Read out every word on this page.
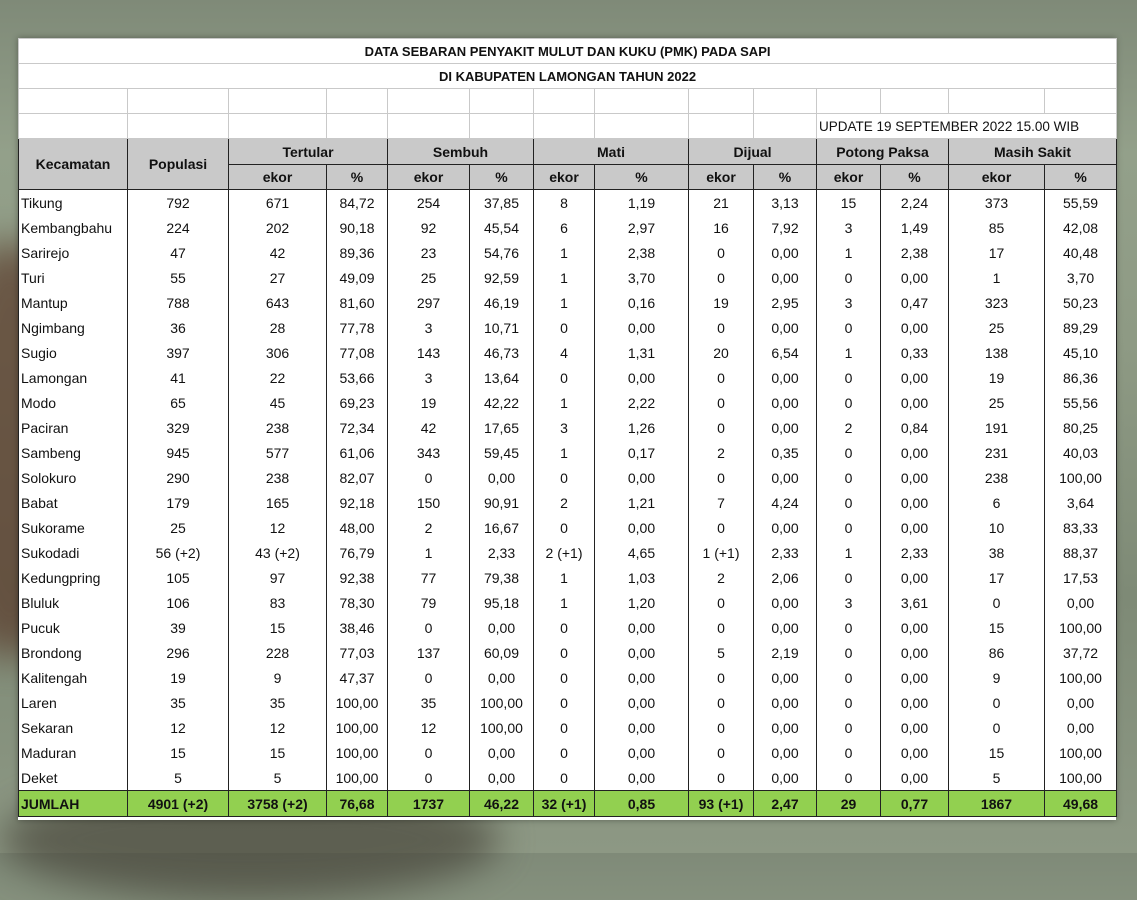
DATA SEBARAN PENYAKIT MULUT DAN KUKU (PMK) PADA SAPI													
DI KABUPATEN LAMONGAN TAHUN 2022													

										UPDATE 19 SEPTEMBER 2022 15.00 WIB			
Kecamatan	Populasi	Tertular		Sembuh		Mati		Dijual		Potong Paksa		Masih Sakit	
		ekor	%	ekor	%	ekor	%	ekor	%	ekor	%	ekor	%
Tikung	792	671	84,72	254	37,85	8	1,19	21	3,13	15	2,24	373	55,59
Kembangbahu	224	202	90,18	92	45,54	6	2,97	16	7,92	3	1,49	85	42,08
Sarirejo	47	42	89,36	23	54,76	1	2,38	0	0,00	1	2,38	17	40,48
Turi	55	27	49,09	25	92,59	1	3,70	0	0,00	0	0,00	1	3,70
Mantup	788	643	81,60	297	46,19	1	0,16	19	2,95	3	0,47	323	50,23
Ngimbang	36	28	77,78	3	10,71	0	0,00	0	0,00	0	0,00	25	89,29
Sugio	397	306	77,08	143	46,73	4	1,31	20	6,54	1	0,33	138	45,10
Lamongan	41	22	53,66	3	13,64	0	0,00	0	0,00	0	0,00	19	86,36
Modo	65	45	69,23	19	42,22	1	2,22	0	0,00	0	0,00	25	55,56
Paciran	329	238	72,34	42	17,65	3	1,26	0	0,00	2	0,84	191	80,25
Sambeng	945	577	61,06	343	59,45	1	0,17	2	0,35	0	0,00	231	40,03
Solokuro	290	238	82,07	0	0,00	0	0,00	0	0,00	0	0,00	238	100,00
Babat	179	165	92,18	150	90,91	2	1,21	7	4,24	0	0,00	6	3,64
Sukorame	25	12	48,00	2	16,67	0	0,00	0	0,00	0	0,00	10	83,33
Sukodadi	56 (+2)	43 (+2)	76,79	1	2,33	2 (+1)	4,65	1 (+1)	2,33	1	2,33	38	88,37
Kedungpring	105	97	92,38	77	79,38	1	1,03	2	2,06	0	0,00	17	17,53
Bluluk	106	83	78,30	79	95,18	1	1,20	0	0,00	3	3,61	0	0,00
Pucuk	39	15	38,46	0	0,00	0	0,00	0	0,00	0	0,00	15	100,00
Brondong	296	228	77,03	137	60,09	0	0,00	5	2,19	0	0,00	86	37,72
Kalitengah	19	9	47,37	0	0,00	0	0,00	0	0,00	0	0,00	9	100,00
Laren	35	35	100,00	35	100,00	0	0,00	0	0,00	0	0,00	0	0,00
Sekaran	12	12	100,00	12	100,00	0	0,00	0	0,00	0	0,00	0	0,00
Maduran	15	15	100,00	0	0,00	0	0,00	0	0,00	0	0,00	15	100,00
Deket	5	5	100,00	0	0,00	0	0,00	0	0,00	0	0,00	5	100,00
JUMLAH	4901 (+2)	3758 (+2)	76,68	1737	46,22	32 (+1)	0,85	93 (+1)	2,47	29	0,77	1867	49,68
